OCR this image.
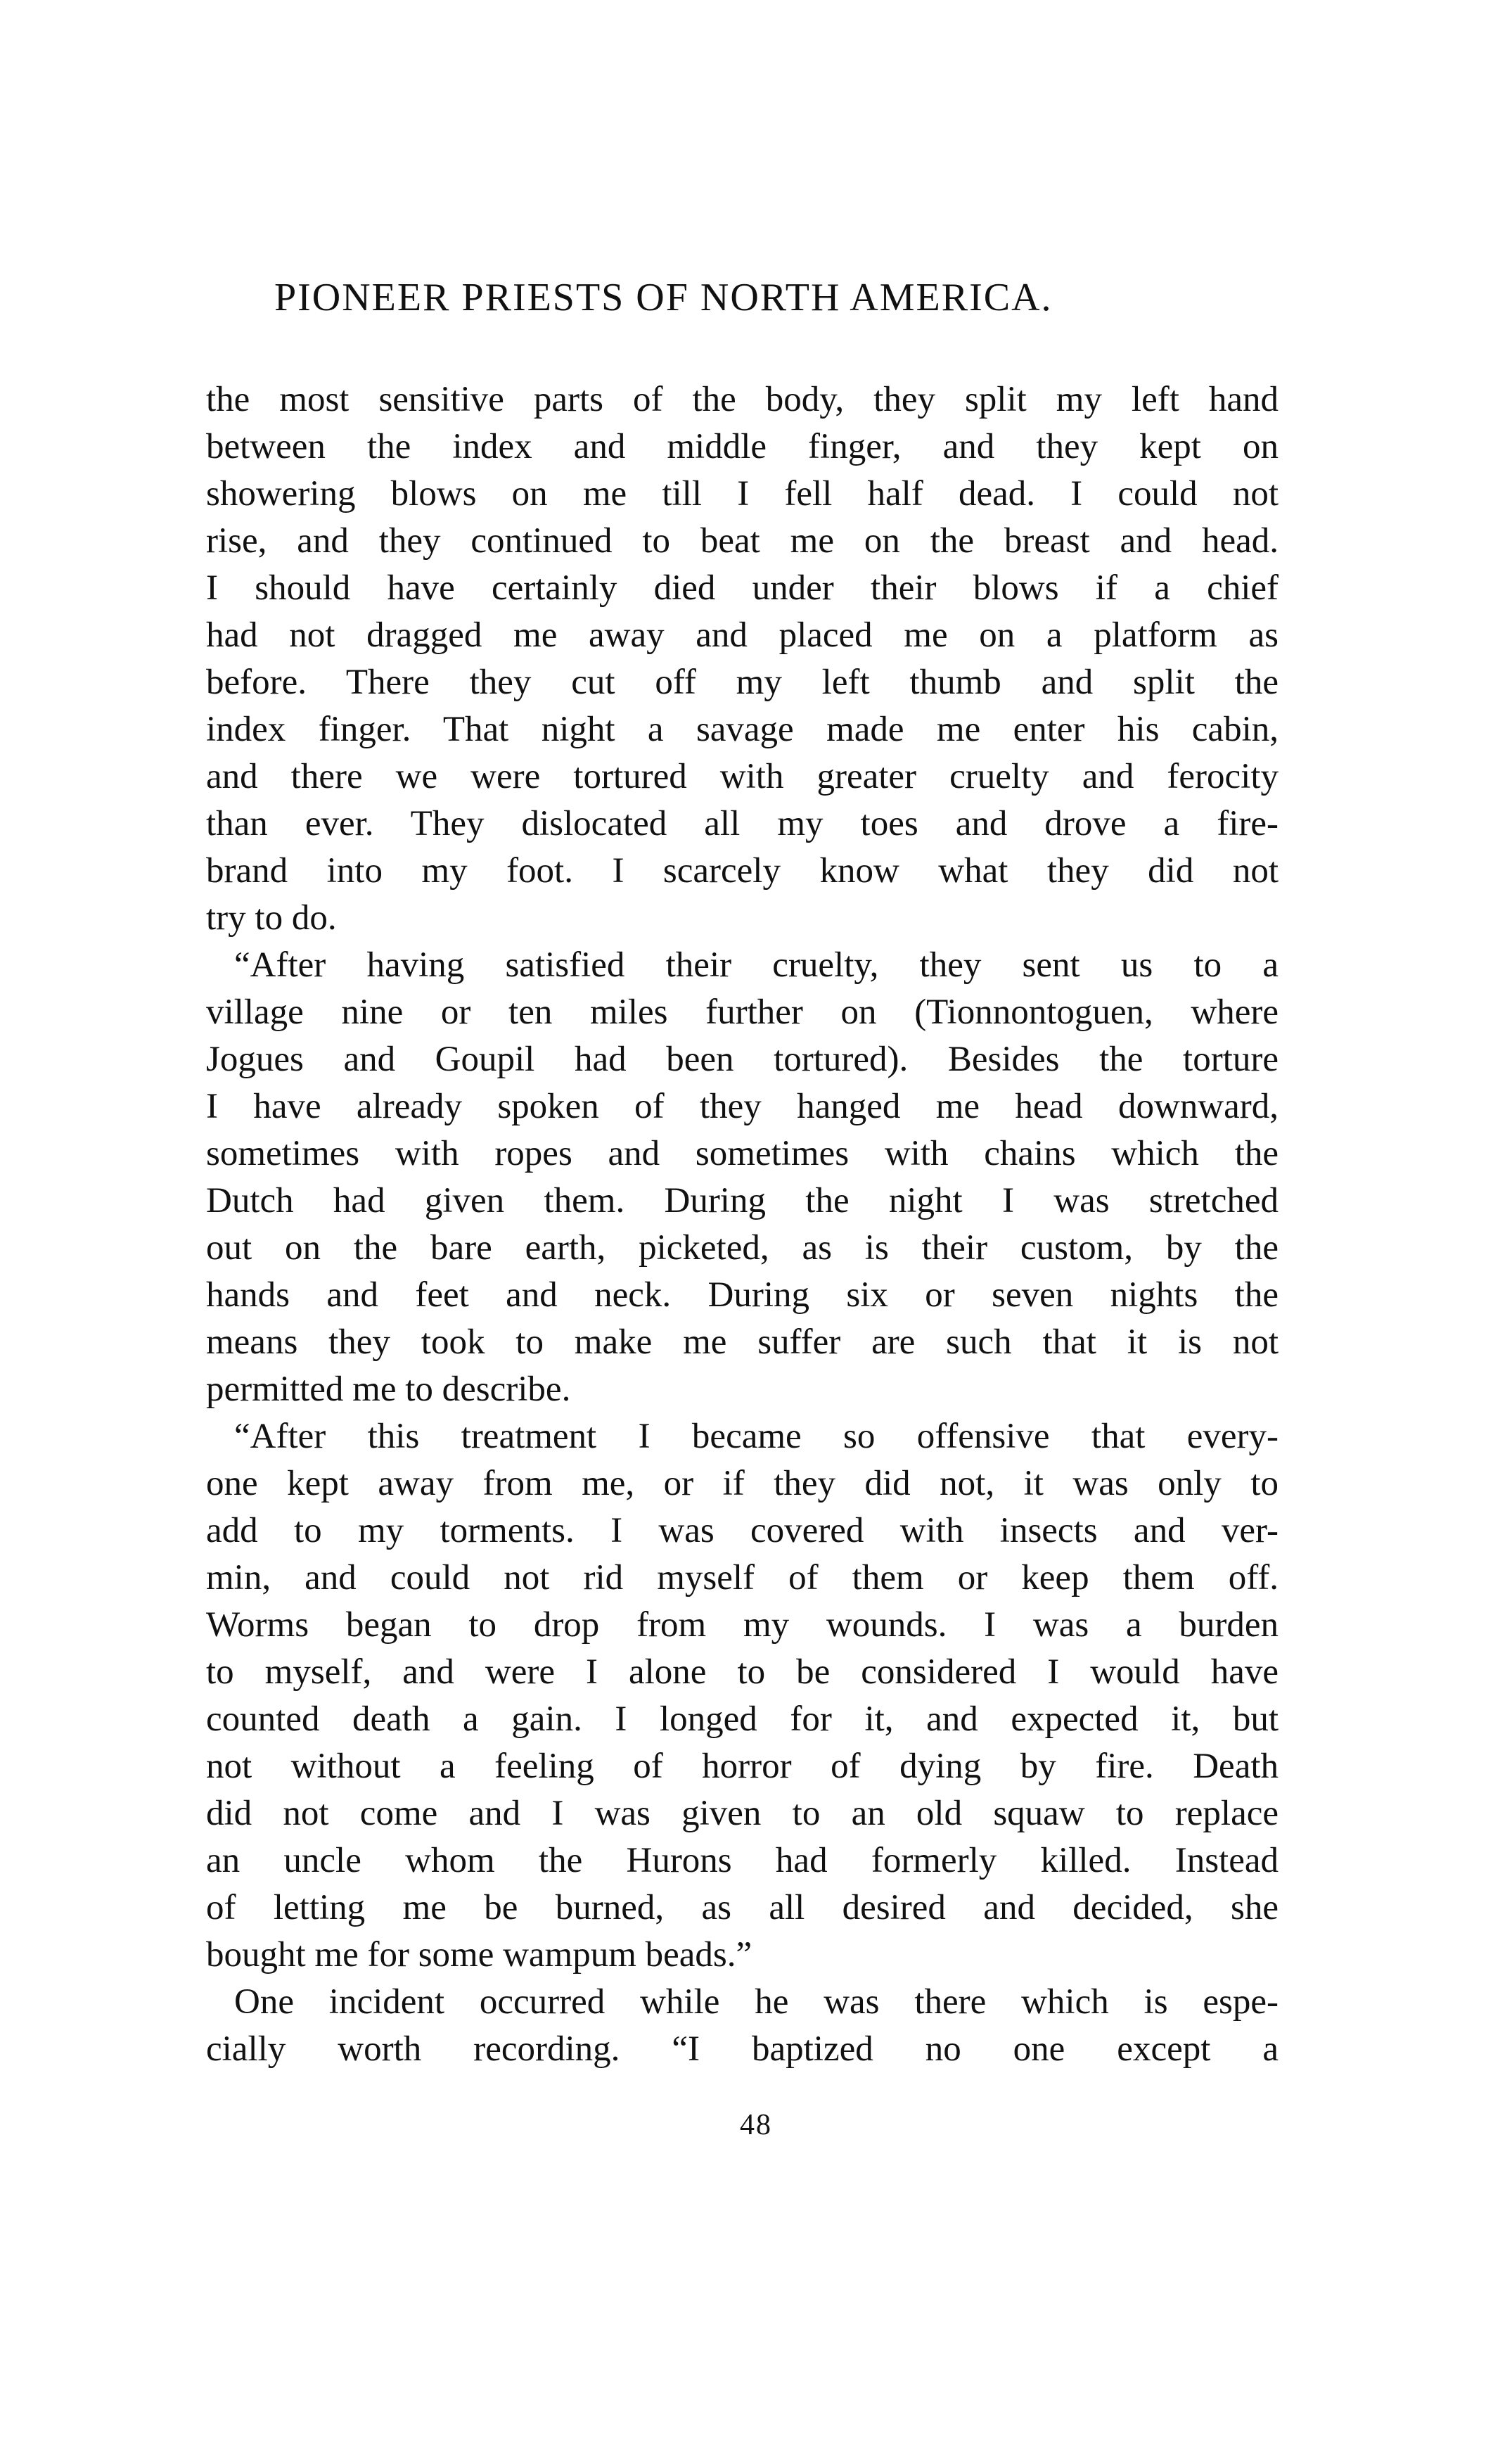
PIONEER PRIESTS OF NORTH AMERICA.
the most sensitive parts of the body, they split my left hand
between the index and middle finger, and they kept on
showering blows on me till I fell half dead. I could not
rise, and they continued to beat me on the breast and head.
I should have certainly died under their blows if a chief
had not dragged me away and placed me on a platform as
before. There they cut off my left thumb and split the
index finger. That night a savage made me enter his cabin,
and there we were tortured with greater cruelty and ferocity
than ever. They dislocated all my toes and drove a fire-
brand into my foot. I scarcely know what they did not
try to do.
“After having satisfied their cruelty, they sent us to a
village nine or ten miles further on (Tionnontoguen, where
Jogues and Goupil had been tortured). Besides the torture
I have already spoken of they hanged me head downward,
sometimes with ropes and sometimes with chains which the
Dutch had given them. During the night I was stretched
out on the bare earth, picketed, as is their custom, by the
hands and feet and neck. During six or seven nights the
means they took to make me suffer are such that it is not
permitted me to describe.
“After this treatment I became so offensive that every-
one kept away from me, or if they did not, it was only to
add to my torments. I was covered with insects and ver-
min, and could not rid myself of them or keep them off.
Worms began to drop from my wounds. I was a burden
to myself, and were I alone to be considered I would have
counted death a gain. I longed for it, and expected it, but
not without a feeling of horror of dying by fire. Death
did not come and I was given to an old squaw to replace
an uncle whom the Hurons had formerly killed. Instead
of letting me be burned, as all desired and decided, she
bought me for some wampum beads.”
One incident occurred while he was there which is espe-
cially worth recording. “I baptized no one except a
48
